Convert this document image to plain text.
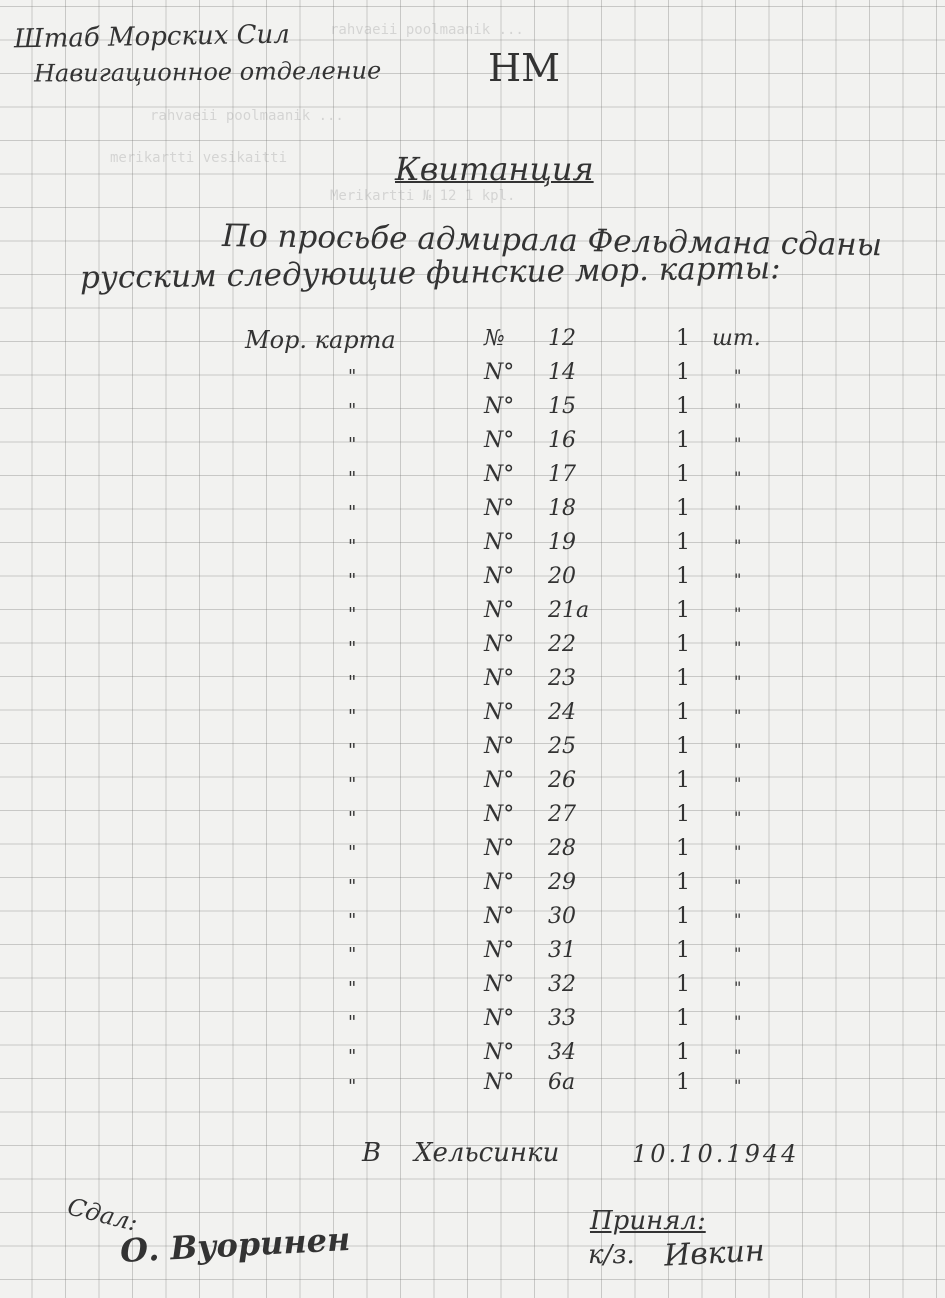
rahvaeii poolmaanik ...
rahvaeii poolmaanik ...
merikartti vesikaitti
Merikartti № 12 1 kpl.
Штаб Морских Сил
Навигационное отделение	НМ
Квитанция
По просьбе адмирала Фельдмана сданы
русским следующие финские мор. карты:
Мор. карта	№ 12	1 шт.
"	N° 14	1	"
"	N° 15	1	"
"	N° 16	1	"
"	N° 17	1	"
"	N° 18	1	"
"	N° 19	1	"
"	N° 20	1	"
"	N° 21а	1	"
"	N° 22	1	"
"	N° 23	1	"
"	N° 24	1	"
"	N° 25	1	"
"	N° 26	1	"
"	N° 27	1	"
"	N° 28	1	"
"	N° 29	1	"
"	N° 30	1	"
"	N° 31	1	"
"	N° 32	1	"
"	N° 33	1	"
"	N° 34	1	"
"	N° 6а	1	"
В Хельсинки	10.10.1944
Сдал:
О. Вуоринен	Принял:
к/з. Ивкин
